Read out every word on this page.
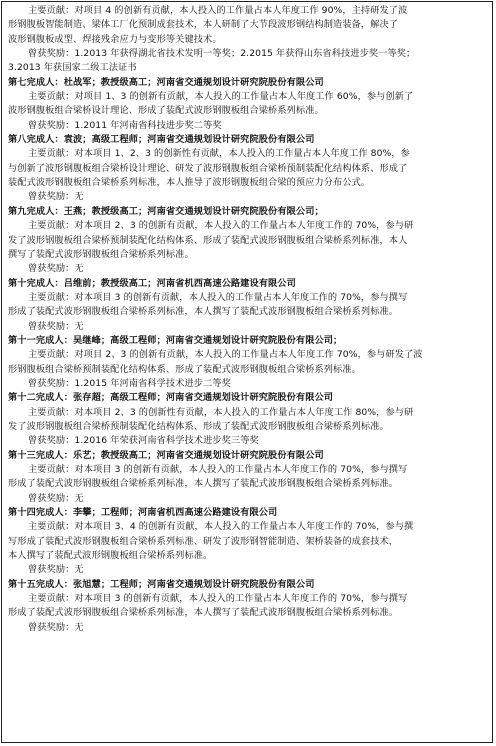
主要贡献：对项目 4 的创新有贡献，本人投入的工作量占本人年度工作 90%，主持研发了波
形钢腹板智能制造、梁体工厂化预制成套技术，本人研制了大节段波形钢结构制造装备，解决了
波形钢腹板成型、焊接残余应力与变形等关键技术。
曾获奖励：1.2013 年获得湖北省技术发明一等奖；2.2015 年获得山东省科技进步奖一等奖；
3.2013 年获国家二级工法证书
第七完成人：杜战军；教授级高工；河南省交通规划设计研究院股份有限公司
主要贡献：对项目 1、3 的创新有贡献，本人投入的工作量占本人年度工作 60%，参与创新了
波形钢腹板组合梁桥设计理论、形成了装配式波形钢腹板组合梁桥系列标准。
曾获奖励：1.2011 年河南省科技进步奖二等奖
第八完成人：袁波；高级工程师；河南省交通规划设计研究院股份有限公司
主要贡献：对本项目 1、2、3 的创新性有贡献，本人投入的工作量占本人年度工作 80%，参
与创新了波形钢腹板组合梁桥设计理论、研发了波形钢腹板组合梁桥预制装配化结构体系、形成了
装配式波形钢腹板组合梁桥系列标准，本人推导了波形钢腹板组合梁的预应力分布公式。
曾获奖励：无
第九完成人：王燕；教授级高工；河南省交通规划设计研究院股份有限公司；
主要贡献：对本项目 2、3 的创新有贡献，本人投入的工作量占本人年度工作的 70%，参与研
发了波形钢腹板组合梁桥预制装配化结构体系、形成了装配式波形钢腹板组合梁桥系列标准，本人
撰写了装配式波形钢腹板组合梁桥系列标准。
曾获奖励：无
第十完成人：吕维前；教授级高工；河南省机西高速公路建设有限公司
主要贡献：对本项目 3 的创新有贡献，本人投入的工作量占本人年度工作的 70%，参与撰写
形成了装配式波形钢腹板组合梁桥系列标准，本人撰写了装配式波形钢腹板组合梁桥系列标准。
曾获奖励：无
第十一完成人：吴继峰；高级工程师；河南省交通规划设计研究院股份有限公司；
主要贡献：对项目 2、3 的创新有贡献，本人投入的工作量占本人年度工作 70%，参与研发了波
形钢腹板组合梁桥预制装配化结构体系、形成了装配式波形钢腹板组合梁桥系列标准。
曾获奖励：1.2015 年河南省科学技术进步二等奖
第十二完成人：张存超；高级工程师；河南省交通规划设计研究院股份有限公司
主要贡献：对本项目 2、3 的创新性有贡献，本人投入的工作量占本人年度工作 80%，参与研
发了波形钢腹板组合梁桥预制装配化结构体系、形成了装配式波形钢腹板组合梁桥系列标准。
曾获奖励：1.2016 年荣获河南省科学技术进步奖三等奖
第十三完成人：乐艺；教授级高工；河南省交通规划设计研究院股份有限公司
主要贡献：对本项目 3 的创新有贡献，本人投入的工作量占本人年度工作的 70%，参与撰写
形成了装配式波形钢腹板组合梁桥系列标准，本人撰写了装配式波形钢腹板组合梁桥系列标准。
曾获奖励：无
第十四完成人：李攀；工程师；河南省机西高速公路建设有限公司
主要贡献：对本项目 3、4 的创新有贡献，本人投入的工作量占本人年度工作的 70%，参与撰
写形成了装配式波形钢腹板组合梁桥系列标准、研发了波形钢智能制造、架桥装备的成套技术，
本人撰写了装配式波形钢腹板组合梁桥系列标准。
曾获奖励：无
第十五完成人：张旭慧；工程师；河南省交通规划设计研究院股份有限公司
主要贡献：对本项目 3 的创新有贡献，本人投入的工作量占本人年度工作的 70%，参与撰写
形成了装配式波形钢腹板组合梁桥系列标准，本人撰写了装配式波形钢腹板组合梁桥系列标准。
曾获奖励：无
